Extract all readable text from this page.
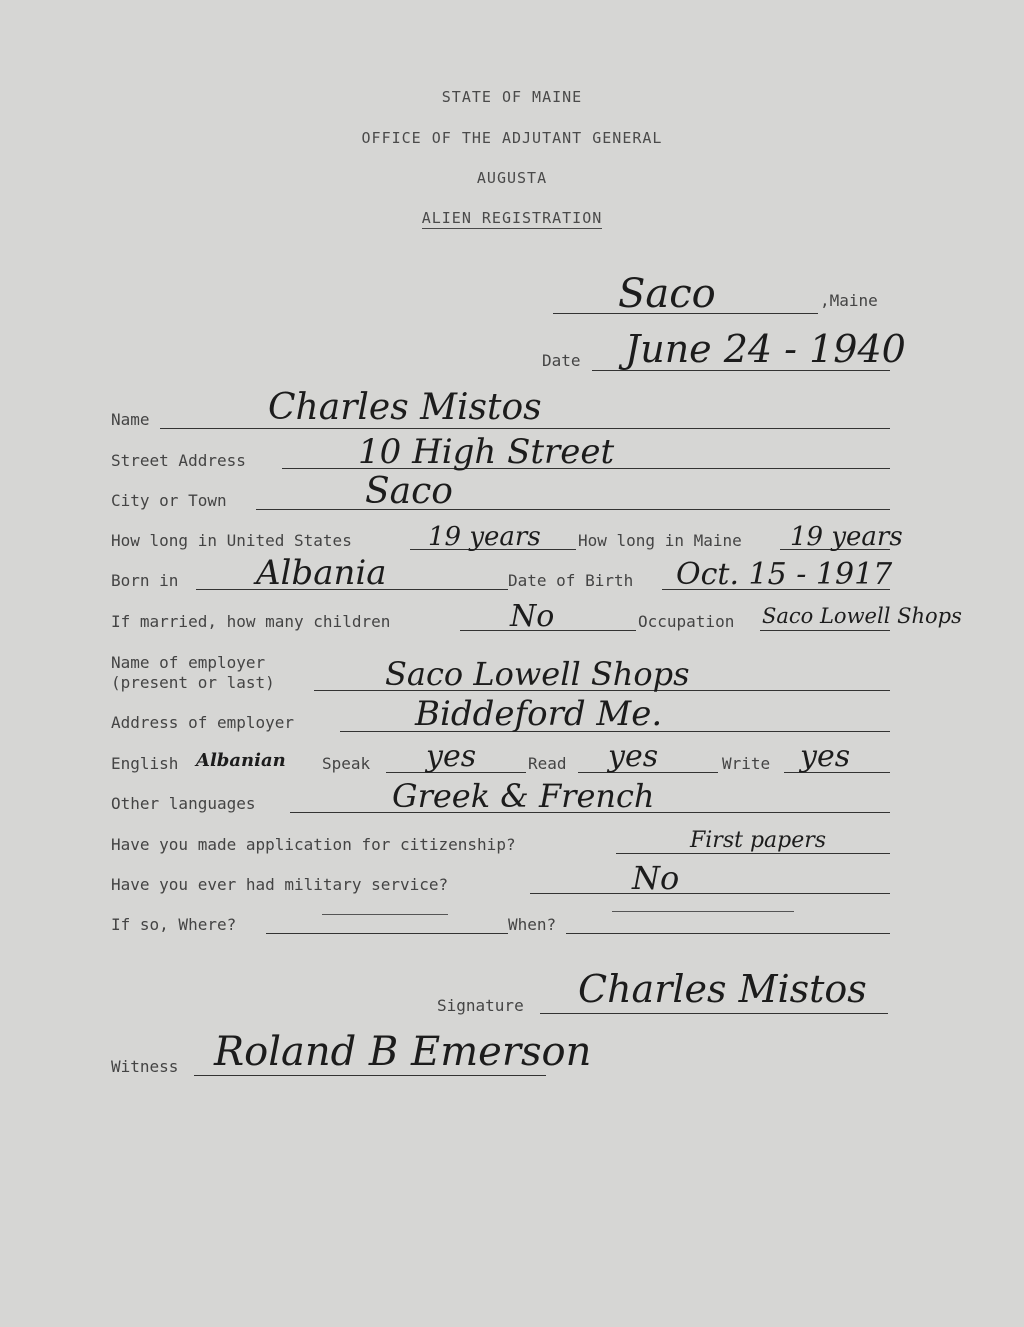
STATE OF MAINE
OFFICE OF THE ADJUTANT GENERAL
AUGUSTA
ALIEN REGISTRATION
Saco	,Maine
Date June 24 - 1940
Name	Charles Mistos
Street Address	10 High Street
City or Town	Saco
How long in United States	19 years How long in Maine 19 years
Born in Albania	Date of Birth Oct. 15 - 1917
If married, how many children	No	Occupation Saco Lowell Shops
Name of employer
(present or last)	Saco Lowell Shops
Address of employer	Biddeford Me.
English Albanian Speak yes	Read yes	Write yes
Other languages	Greek & French
Have you made application for citizenship?	First papers
Have you ever had military service?	No
If so, Where?	When?
Signature Charles Mistos
Witness Roland B Emerson
